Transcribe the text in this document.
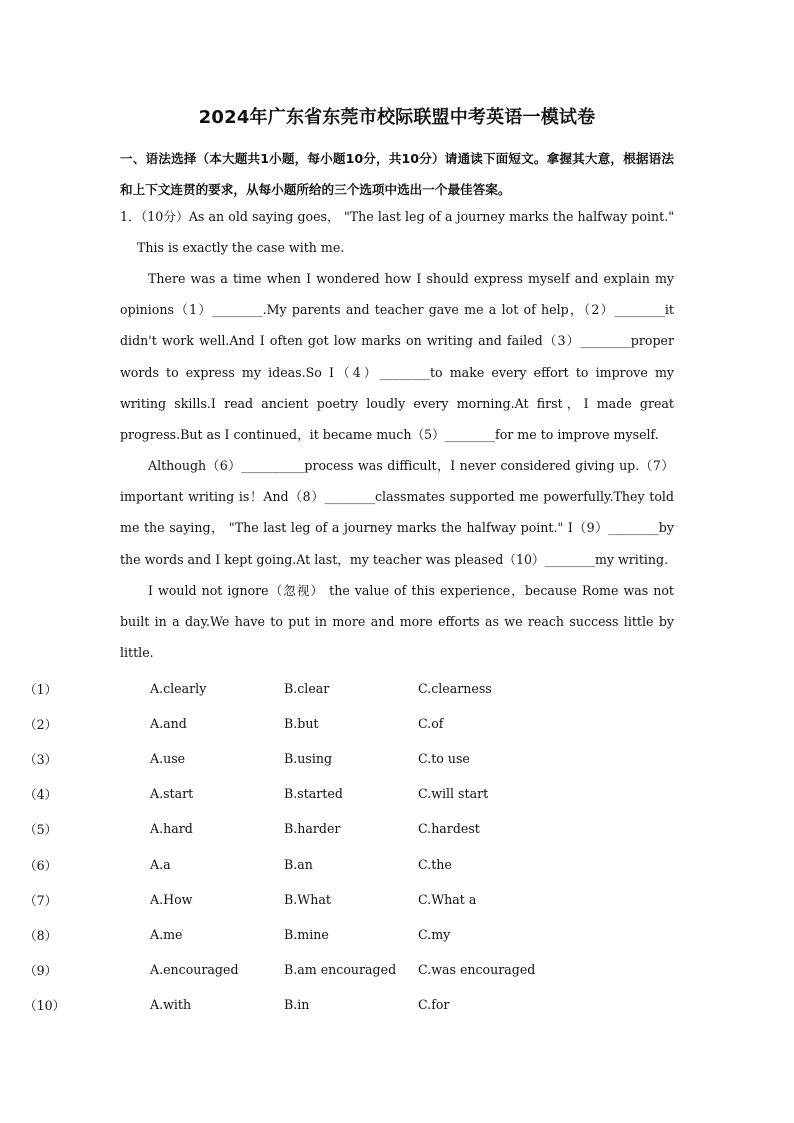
2024年广东省东莞市校际联盟中考英语一模试卷
一、语法选择（本大题共1小题，每小题10分，共10分）请通读下面短文。拿握其大意，根据语法和上下文连贯的要求，从每小题所给的三个选项中选出一个最佳答案。
1．（10分）As an old saying goes， "The last leg of a journey marks the halfway point." This is exactly the case with me.

There was a time when I wondered how I should express myself and explain my opinions（1）________.My parents and teacher gave me a lot of help，（2）________it didn't work well.And I often got low marks on writing and failed（3）________proper words to express my ideas.So I（4）________to make every effort to improve my writing skills.I read ancient poetry loudly every morning.At first，I made great progress.But as I continued，it became much（5）________for me to improve myself.

Although（6）__________process was difficult，I never considered giving up.（7）important writing is！And（8）________classmates supported me powerfully.They told me the saying， "The last leg of a journey marks the halfway point." I（9）________by the words and I kept going.At last，my teacher was pleased（10）________my writing.

I would not ignore（忽视） the value of this experience，because Rome was not built in a day.We have to put in more and more efforts as we reach success little by little.

（1）	A.clearly	B.clear	C.clearness
（2）	A.and	B.but	C.of
（3）	A.use	B.using	C.to use
（4）	A.start	B.started	C.will start
（5）	A.hard	B.harder	C.hardest
（6）	A.a	B.an	C.the
（7）	A.How	B.What	C.What a
（8）	A.me	B.mine	C.my
（9）	A.encouraged	B.am encouraged	C.was encouraged
（10）	A.with	B.in	C.for
